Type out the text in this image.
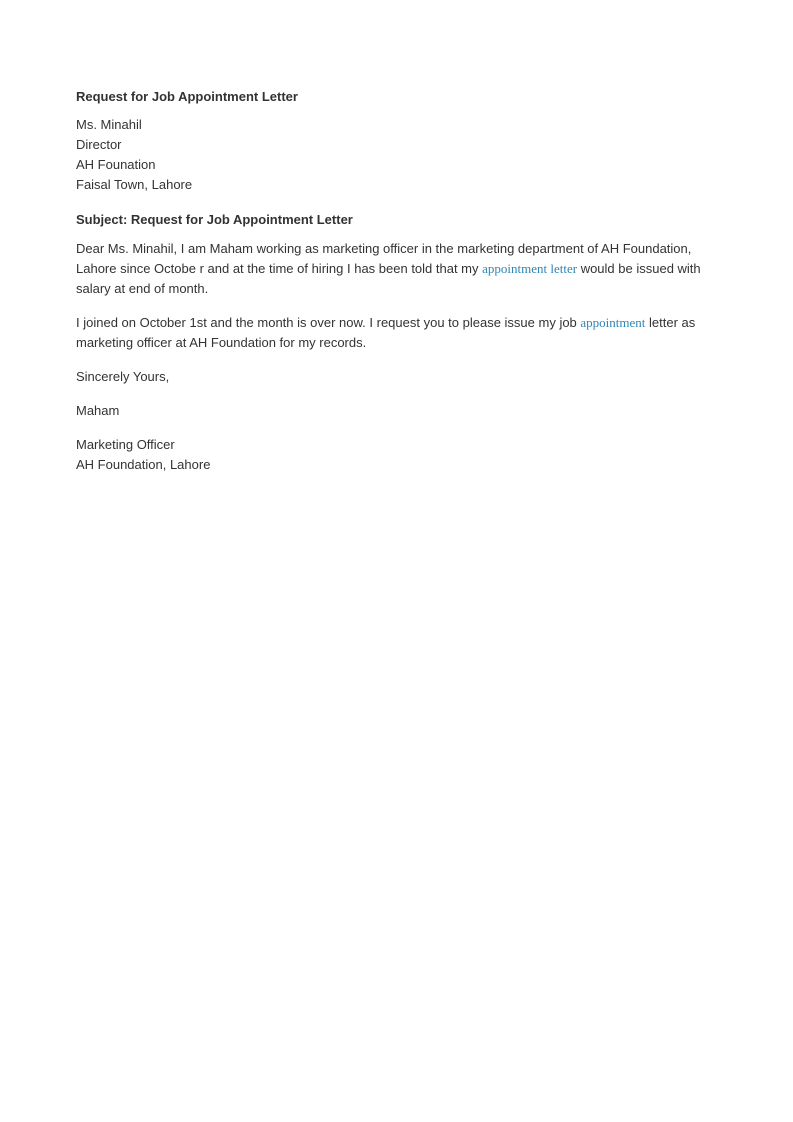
Request for Job Appointment Letter
Ms. Minahil
Director
AH Founation
Faisal Town, Lahore
Subject: Request for Job Appointment Letter
Dear Ms. Minahil, I am Maham working as marketing officer in the marketing department of AH Foundation,
Lahore since Octobe r and at the time of hiring I has been told that my appointment letter would be issued with
salary at end of month.
I joined on October 1st and the month is over now. I request you to please issue my job appointment letter as
marketing officer at AH Foundation for my records.
Sincerely Yours,
Maham
Marketing Officer
AH Foundation, Lahore
